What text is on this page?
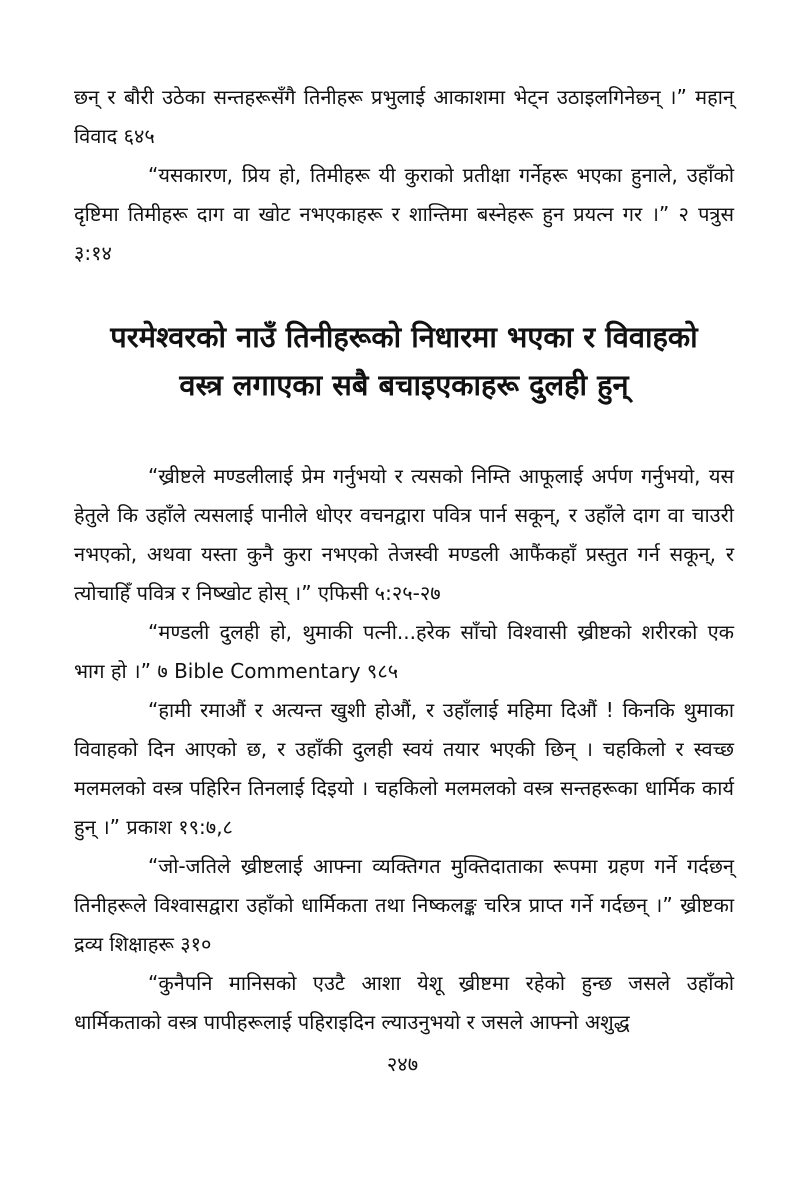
छन् र बौरी उठेका सन्तहरूसँगै तिनीहरू प्रभुलाई आकाशमा भेट्न उठाइलगिनेछन् ।” महान् विवाद ६४५

“यसकारण, प्रिय हो, तिमीहरू यी कुराको प्रतीक्षा गर्नेहरू भएका हुनाले, उहाँको दृष्टिमा तिमीहरू दाग वा खोट नभएकाहरू र शान्तिमा बस्नेहरू हुन प्रयत्न गर ।” २ पत्रुस ३:१४

परमेश्वरको नाउँ तिनीहरूको निधारमा भएका र विवाहको
वस्त्र लगाएका सबै बचाइएकाहरू दुलही हुन्

“ख्रीष्टले मण्डलीलाई प्रेम गर्नुभयो र त्यसको निम्ति आफूलाई अर्पण गर्नुभयो, यस हेतुले कि उहाँले त्यसलाई पानीले धोएर वचनद्वारा पवित्र पार्न सकून्, र उहाँले दाग वा चाउरी नभएको, अथवा यस्ता कुनै कुरा नभएको तेजस्वी मण्डली आफैंकहाँ प्रस्तुत गर्न सकून्, र त्योचाहिँ पवित्र र निष्खोट होस् ।” एफिसी ५:२५-२७

“मण्डली दुलही हो, थुमाकी पत्नी...हरेक साँचो विश्वासी ख्रीष्टको शरीरको एक भाग हो ।” ७ Bible Commentary ९८५

“हामी रमाऔं र अत्यन्त खुशी होऔं, र उहाँलाई महिमा दिऔं ! किनकि थुमाका विवाहको दिन आएको छ, र उहाँकी दुलही स्वयं तयार भएकी छिन् । चहकिलो र स्वच्छ मलमलको वस्त्र पहिरिन तिनलाई दिइयो । चहकिलो मलमलको वस्त्र सन्तहरूका धार्मिक कार्य हुन् ।” प्रकाश १९:७,८

“जो-जतिले ख्रीष्टलाई आफ्ना व्यक्तिगत मुक्तिदाताका रूपमा ग्रहण गर्ने गर्दछन् तिनीहरूले विश्वासद्वारा उहाँको धार्मिकता तथा निष्कलङ्क चरित्र प्राप्त गर्ने गर्दछन् ।” ख्रीष्टका द्रव्य शिक्षाहरू ३१०

“कुनैपनि मानिसको एउटै आशा येशू ख्रीष्टमा रहेको हुन्छ जसले उहाँको धार्मिकताको वस्त्र पापीहरूलाई पहिराइदिन ल्याउनुभयो र जसले आफ्नो अशुद्ध

२४७
